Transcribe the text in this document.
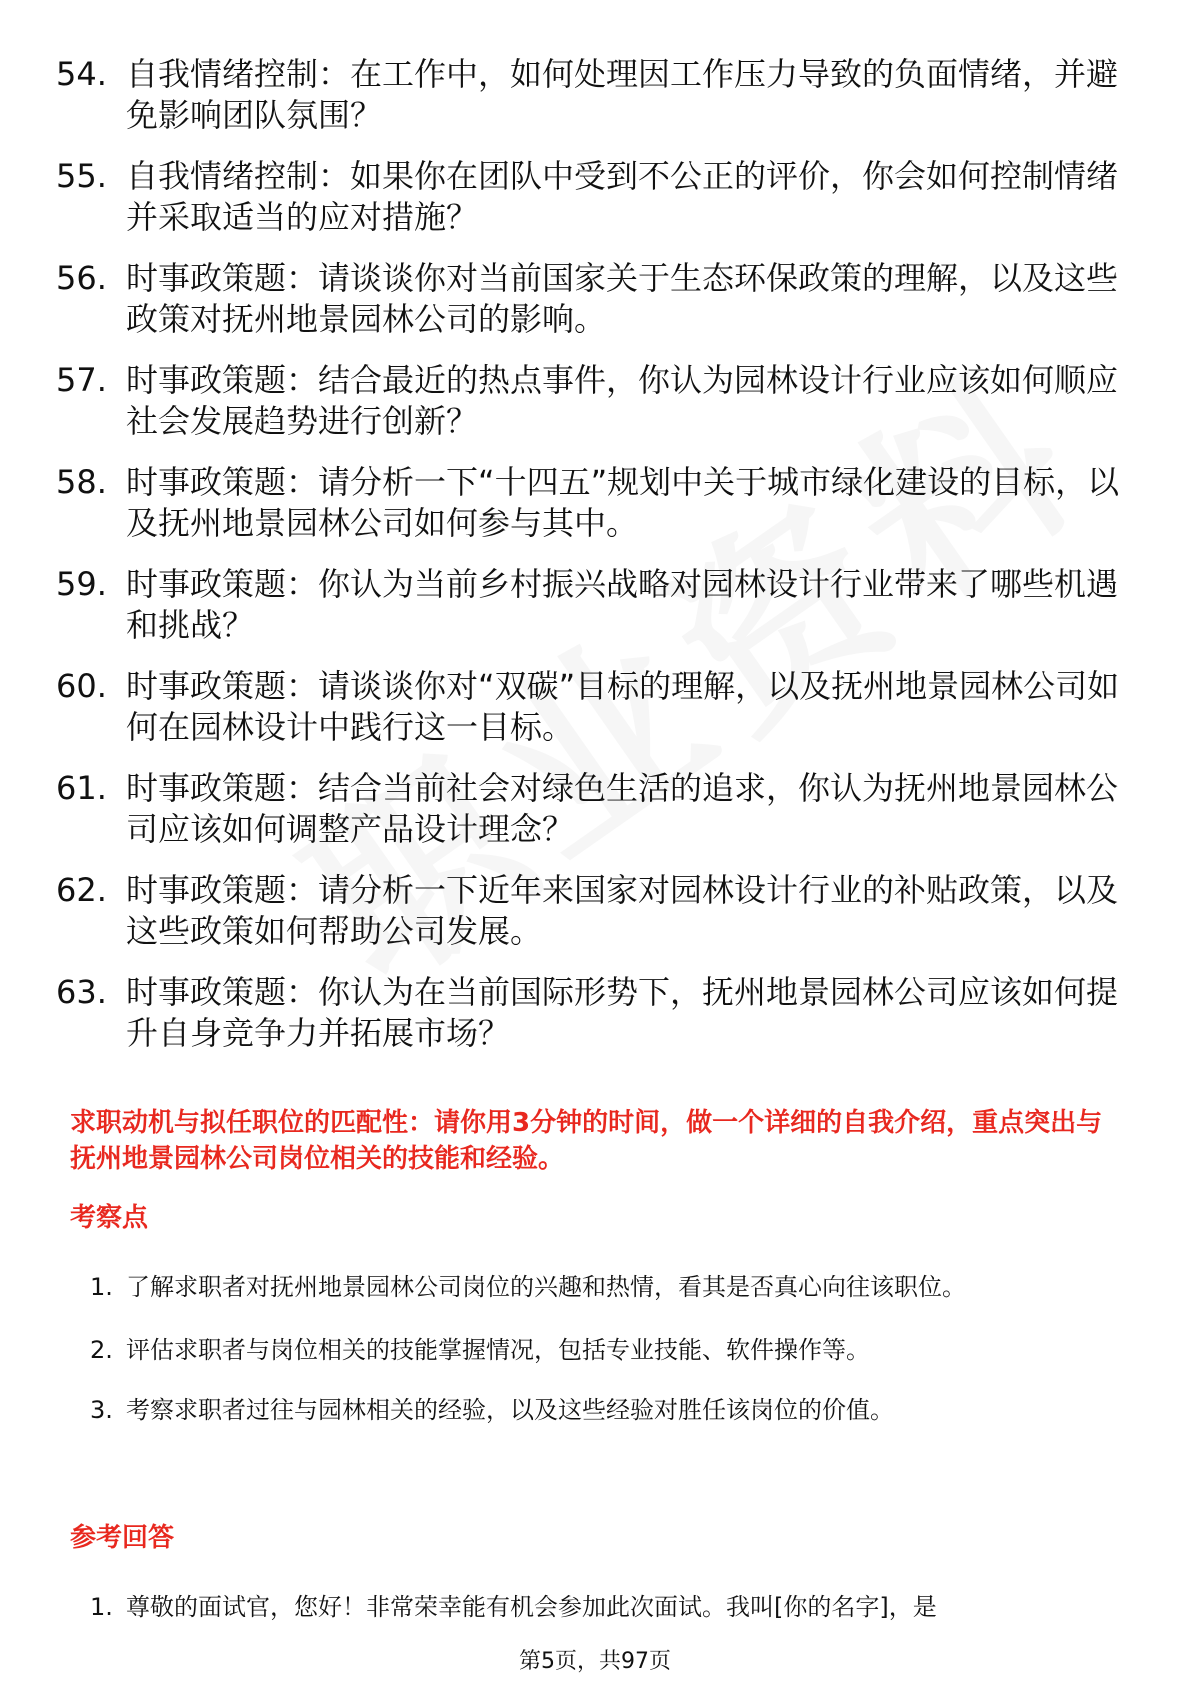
54. 自我情绪控制：在工作中，如何处理因工作压力导致的负面情绪，并避免影响团队氛围？
55. 自我情绪控制：如果你在团队中受到不公正的评价，你会如何控制情绪并采取适当的应对措施？
56. 时事政策题：请谈谈你对当前国家关于生态环保政策的理解，以及这些政策对抚州地景园林公司的影响。
57. 时事政策题：结合最近的热点事件，你认为园林设计行业应该如何顺应社会发展趋势进行创新？
58. 时事政策题：请分析一下“十四五”规划中关于城市绿化建设的目标，以及抚州地景园林公司如何参与其中。
59. 时事政策题：你认为当前乡村振兴战略对园林设计行业带来了哪些机遇和挑战？
60. 时事政策题：请谈谈你对“双碳”目标的理解，以及抚州地景园林公司如何在园林设计中践行这一目标。
61. 时事政策题：结合当前社会对绿色生活的追求，你认为抚州地景园林公司应该如何调整产品设计理念？
62. 时事政策题：请分析一下近年来国家对园林设计行业的补贴政策，以及这些政策如何帮助公司发展。
63. 时事政策题：你认为在当前国际形势下，抚州地景园林公司应该如何提升自身竞争力并拓展市场？
求职动机与拟任职位的匹配性：请你用3分钟的时间，做一个详细的自我介绍，重点突出与抚州地景园林公司岗位相关的技能和经验。
考察点
1. 了解求职者对抚州地景园林公司岗位的兴趣和热情，看其是否真心向往该职位。
2. 评估求职者与岗位相关的技能掌握情况，包括专业技能、软件操作等。
3. 考察求职者过往与园林相关的经验，以及这些经验对胜任该岗位的价值。
参考回答
1. 尊敬的面试官，您好！非常荣幸能有机会参加此次面试。我叫[你的名字]，是
第5页，共97页
